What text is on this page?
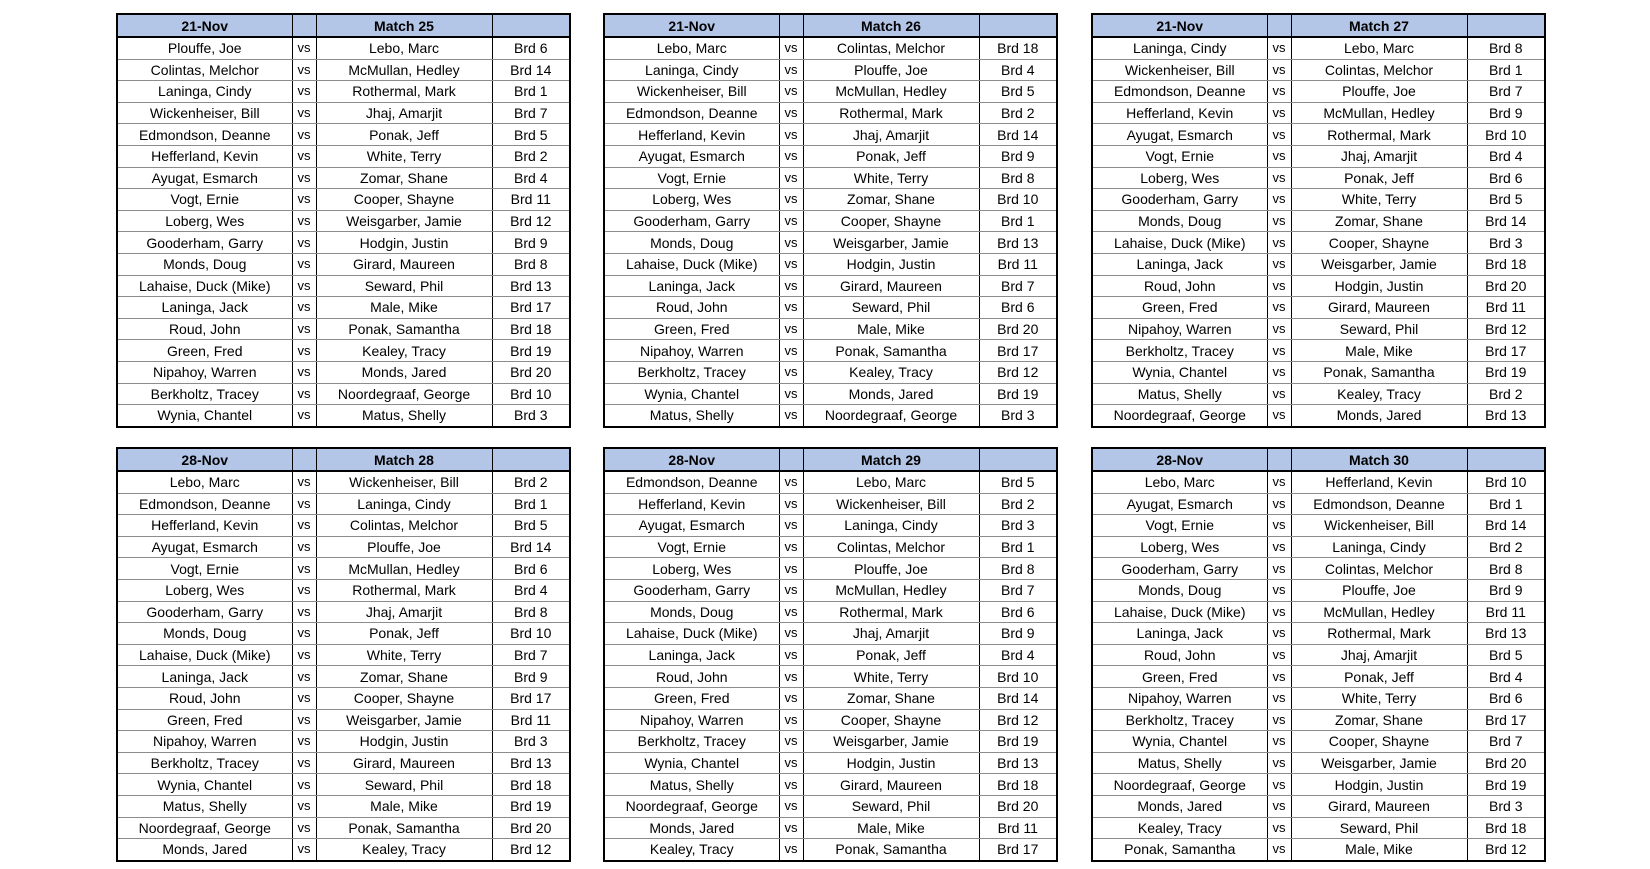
21-Nov		Match 25	
Plouffe, Joe	vs	Lebo, Marc	Brd 6
Colintas, Melchor	vs	McMullan, Hedley	Brd 14
Laninga, Cindy	vs	Rothermal, Mark	Brd 1
Wickenheiser, Bill	vs	Jhaj, Amarjit	Brd 7
Edmondson, Deanne	vs	Ponak, Jeff	Brd 5
Hefferland, Kevin	vs	White, Terry	Brd 2
Ayugat, Esmarch	vs	Zomar, Shane	Brd 4
Vogt, Ernie	vs	Cooper, Shayne	Brd 11
Loberg, Wes	vs	Weisgarber, Jamie	Brd 12
Gooderham, Garry	vs	Hodgin, Justin	Brd 9
Monds, Doug	vs	Girard, Maureen	Brd 8
Lahaise, Duck (Mike)	vs	Seward, Phil	Brd 13
Laninga, Jack	vs	Male, Mike	Brd 17
Roud, John	vs	Ponak, Samantha	Brd 18
Green, Fred	vs	Kealey, Tracy	Brd 19
Nipahoy, Warren	vs	Monds, Jared	Brd 20
Berkholtz, Tracey	vs	Noordegraaf, George	Brd 10
Wynia, Chantel	vs	Matus, Shelly	Brd 3
21-Nov		Match 26	
Lebo, Marc	vs	Colintas, Melchor	Brd 18
Laninga, Cindy	vs	Plouffe, Joe	Brd 4
Wickenheiser, Bill	vs	McMullan, Hedley	Brd 5
Edmondson, Deanne	vs	Rothermal, Mark	Brd 2
Hefferland, Kevin	vs	Jhaj, Amarjit	Brd 14
Ayugat, Esmarch	vs	Ponak, Jeff	Brd 9
Vogt, Ernie	vs	White, Terry	Brd 8
Loberg, Wes	vs	Zomar, Shane	Brd 10
Gooderham, Garry	vs	Cooper, Shayne	Brd 1
Monds, Doug	vs	Weisgarber, Jamie	Brd 13
Lahaise, Duck (Mike)	vs	Hodgin, Justin	Brd 11
Laninga, Jack	vs	Girard, Maureen	Brd 7
Roud, John	vs	Seward, Phil	Brd 6
Green, Fred	vs	Male, Mike	Brd 20
Nipahoy, Warren	vs	Ponak, Samantha	Brd 17
Berkholtz, Tracey	vs	Kealey, Tracy	Brd 12
Wynia, Chantel	vs	Monds, Jared	Brd 19
Matus, Shelly	vs	Noordegraaf, George	Brd 3
21-Nov		Match 27	
Laninga, Cindy	vs	Lebo, Marc	Brd 8
Wickenheiser, Bill	vs	Colintas, Melchor	Brd 1
Edmondson, Deanne	vs	Plouffe, Joe	Brd 7
Hefferland, Kevin	vs	McMullan, Hedley	Brd 9
Ayugat, Esmarch	vs	Rothermal, Mark	Brd 10
Vogt, Ernie	vs	Jhaj, Amarjit	Brd 4
Loberg, Wes	vs	Ponak, Jeff	Brd 6
Gooderham, Garry	vs	White, Terry	Brd 5
Monds, Doug	vs	Zomar, Shane	Brd 14
Lahaise, Duck (Mike)	vs	Cooper, Shayne	Brd 3
Laninga, Jack	vs	Weisgarber, Jamie	Brd 18
Roud, John	vs	Hodgin, Justin	Brd 20
Green, Fred	vs	Girard, Maureen	Brd 11
Nipahoy, Warren	vs	Seward, Phil	Brd 12
Berkholtz, Tracey	vs	Male, Mike	Brd 17
Wynia, Chantel	vs	Ponak, Samantha	Brd 19
Matus, Shelly	vs	Kealey, Tracy	Brd 2
Noordegraaf, George	vs	Monds, Jared	Brd 13
28-Nov		Match 28	
Lebo, Marc	vs	Wickenheiser, Bill	Brd 2
Edmondson, Deanne	vs	Laninga, Cindy	Brd 1
Hefferland, Kevin	vs	Colintas, Melchor	Brd 5
Ayugat, Esmarch	vs	Plouffe, Joe	Brd 14
Vogt, Ernie	vs	McMullan, Hedley	Brd 6
Loberg, Wes	vs	Rothermal, Mark	Brd 4
Gooderham, Garry	vs	Jhaj, Amarjit	Brd 8
Monds, Doug	vs	Ponak, Jeff	Brd 10
Lahaise, Duck (Mike)	vs	White, Terry	Brd 7
Laninga, Jack	vs	Zomar, Shane	Brd 9
Roud, John	vs	Cooper, Shayne	Brd 17
Green, Fred	vs	Weisgarber, Jamie	Brd 11
Nipahoy, Warren	vs	Hodgin, Justin	Brd 3
Berkholtz, Tracey	vs	Girard, Maureen	Brd 13
Wynia, Chantel	vs	Seward, Phil	Brd 18
Matus, Shelly	vs	Male, Mike	Brd 19
Noordegraaf, George	vs	Ponak, Samantha	Brd 20
Monds, Jared	vs	Kealey, Tracy	Brd 12
28-Nov		Match 29	
Edmondson, Deanne	vs	Lebo, Marc	Brd 5
Hefferland, Kevin	vs	Wickenheiser, Bill	Brd 2
Ayugat, Esmarch	vs	Laninga, Cindy	Brd 3
Vogt, Ernie	vs	Colintas, Melchor	Brd 1
Loberg, Wes	vs	Plouffe, Joe	Brd 8
Gooderham, Garry	vs	McMullan, Hedley	Brd 7
Monds, Doug	vs	Rothermal, Mark	Brd 6
Lahaise, Duck (Mike)	vs	Jhaj, Amarjit	Brd 9
Laninga, Jack	vs	Ponak, Jeff	Brd 4
Roud, John	vs	White, Terry	Brd 10
Green, Fred	vs	Zomar, Shane	Brd 14
Nipahoy, Warren	vs	Cooper, Shayne	Brd 12
Berkholtz, Tracey	vs	Weisgarber, Jamie	Brd 19
Wynia, Chantel	vs	Hodgin, Justin	Brd 13
Matus, Shelly	vs	Girard, Maureen	Brd 18
Noordegraaf, George	vs	Seward, Phil	Brd 20
Monds, Jared	vs	Male, Mike	Brd 11
Kealey, Tracy	vs	Ponak, Samantha	Brd 17
28-Nov		Match 30	
Lebo, Marc	vs	Hefferland, Kevin	Brd 10
Ayugat, Esmarch	vs	Edmondson, Deanne	Brd 1
Vogt, Ernie	vs	Wickenheiser, Bill	Brd 14
Loberg, Wes	vs	Laninga, Cindy	Brd 2
Gooderham, Garry	vs	Colintas, Melchor	Brd 8
Monds, Doug	vs	Plouffe, Joe	Brd 9
Lahaise, Duck (Mike)	vs	McMullan, Hedley	Brd 11
Laninga, Jack	vs	Rothermal, Mark	Brd 13
Roud, John	vs	Jhaj, Amarjit	Brd 5
Green, Fred	vs	Ponak, Jeff	Brd 4
Nipahoy, Warren	vs	White, Terry	Brd 6
Berkholtz, Tracey	vs	Zomar, Shane	Brd 17
Wynia, Chantel	vs	Cooper, Shayne	Brd 7
Matus, Shelly	vs	Weisgarber, Jamie	Brd 20
Noordegraaf, George	vs	Hodgin, Justin	Brd 19
Monds, Jared	vs	Girard, Maureen	Brd 3
Kealey, Tracy	vs	Seward, Phil	Brd 18
Ponak, Samantha	vs	Male, Mike	Brd 12
